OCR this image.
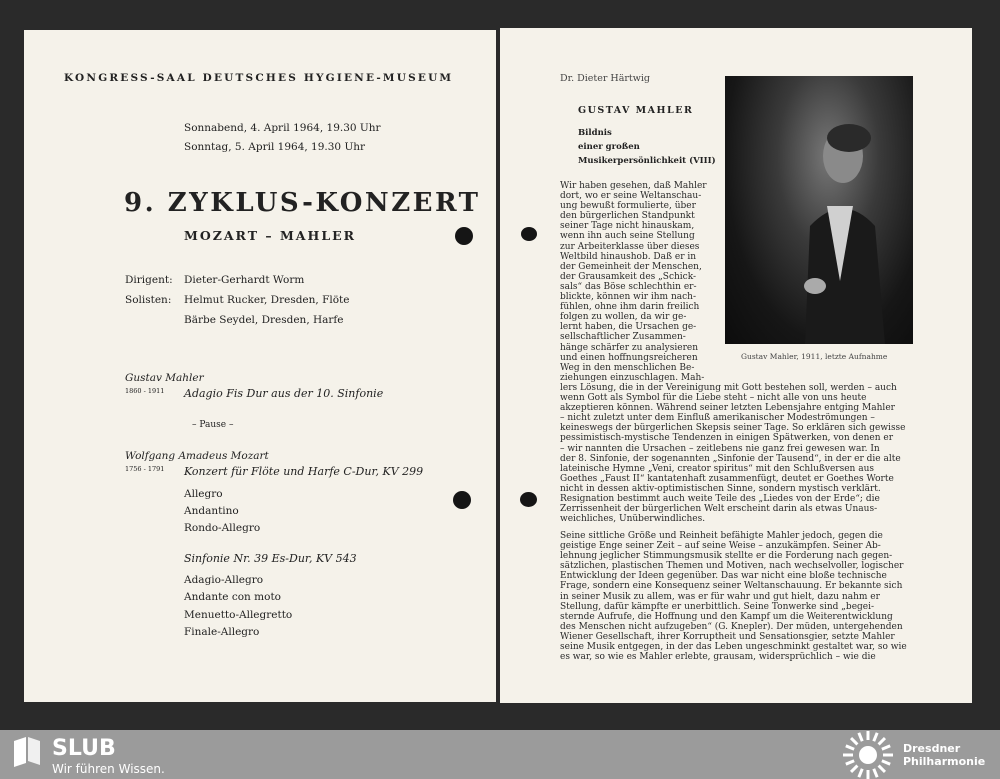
KONGRESS-SAAL DEUTSCHES HYGIENE-MUSEUM
Sonnabend, 4. April 1964, 19.30 Uhr
Sonntag, 5. April 1964, 19.30 Uhr
9. ZYKLUS-KONZERT
MOZART – MAHLER
Dirigent: Dieter-Gerhardt Worm
Solisten: Helmut Rucker, Dresden, Flöte
Bärbe Seydel, Dresden, Harfe
Gustav Mahler
1860 - 1911 Adagio Fis Dur aus der 10. Sinfonie
– Pause –
Wolfgang Amadeus Mozart
1756 - 1791 Konzert für Flöte und Harfe C-Dur, KV 299
Allegro
Andantino
Rondo-Allegro
Sinfonie Nr. 39 Es-Dur, KV 543
Adagio-Allegro
Andante con moto
Menuetto-Allegretto
Finale-Allegro
Dr. Dieter Härtwig
GUSTAV MAHLER
Bildnis
einer großen
Musikerpersönlichkeit (VIII)
Gustav Mahler, 1911, letzte Aufnahme
Wir haben gesehen, daß Mahler
dort, wo er seine Weltanschau-
ung bewußt formulierte, über
den bürgerlichen Standpunkt
seiner Tage nicht hinauskam,
wenn ihn auch seine Stellung
zur Arbeiterklasse über dieses
Weltbild hinaushob. Daß er in
der Gemeinheit der Menschen,
der Grausamkeit des „Schick-
sals“ das Böse schlechthin er-
blickte, können wir ihm nach-
fühlen, ohne ihm darin freilich
folgen zu wollen, da wir ge-
lernt haben, die Ursachen ge-
sellschaftlicher Zusammen-
hänge schärfer zu analysieren
und einen hoffnungsreicheren
Weg in den menschlichen Be-
ziehungen einzuschlagen. Mah-
lers Lösung, die in der Vereinigung mit Gott bestehen soll, werden – auch
wenn Gott als Symbol für die Liebe steht – nicht alle von uns heute
akzeptieren können. Während seiner letzten Lebensjahre entging Mahler
– nicht zuletzt unter dem Einfluß amerikanischer Modeströmungen –
keineswegs der bürgerlichen Skepsis seiner Tage. So erklären sich gewisse
pessimistisch-mystische Tendenzen in einigen Spätwerken, von denen er
– wir nannten die Ursachen – zeitlebens nie ganz frei gewesen war. In
der 8. Sinfonie, der sogenannten „Sinfonie der Tausend“, in der er die alte
lateinische Hymne „Veni, creator spiritus“ mit den Schlußversen aus
Goethes „Faust II“ kantatenhaft zusammenfügt, deutet er Goethes Worte
nicht in dessen aktiv-optimistischen Sinne, sondern mystisch verklärt.
Resignation bestimmt auch weite Teile des „Liedes von der Erde“; die
Zerrissenheit der bürgerlichen Welt erscheint darin als etwas Unaus-
weichliches, Unüberwindliches.
Seine sittliche Größe und Reinheit befähigte Mahler jedoch, gegen die
geistige Enge seiner Zeit – auf seine Weise – anzukämpfen. Seiner Ab-
lehnung jeglicher Stimmungsmusik stellte er die Forderung nach gegen-
sätzlichen, plastischen Themen und Motiven, nach wechselvoller, logischer
Entwicklung der Ideen gegenüber. Das war nicht eine bloße technische
Frage, sondern eine Konsequenz seiner Weltanschauung. Er bekannte sich
in seiner Musik zu allem, was er für wahr und gut hielt, dazu nahm er
Stellung, dafür kämpfte er unerbittlich. Seine Tonwerke sind „begei-
sternde Aufrufe, die Hoffnung und den Kampf um die Weiterentwicklung
des Menschen nicht aufzugeben“ (G. Knepler). Der müden, untergehenden
Wiener Gesellschaft, ihrer Korruptheit und Sensationsgier, setzte Mahler
seine Musik entgegen, in der das Leben ungeschminkt gestaltet war, so wie
es war, so wie es Mahler erlebte, grausam, widersprüchlich – wie die
SLUB
Wir führen Wissen.
Dresdner
Philharmonie
